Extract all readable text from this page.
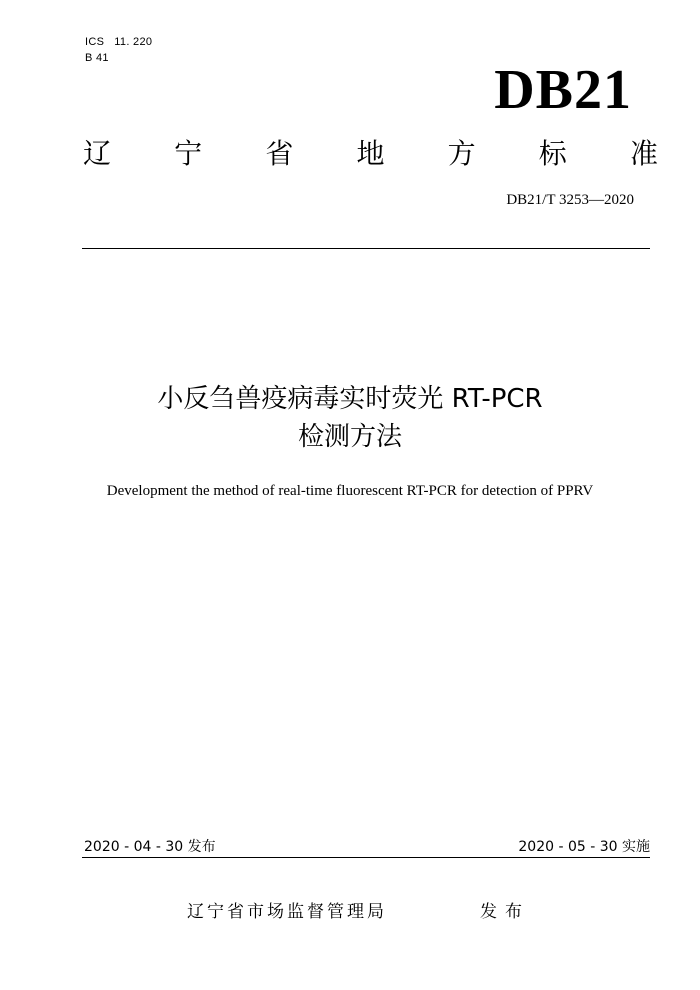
ICS   11. 220
B 41
DB21
辽 宁 省 地 方 标 准
DB21/T 3253—2020
小反刍兽疫病毒实时荧光 RT-PCR
检测方法
Development the method of real-time fluorescent RT-PCR for detection of PPRV
2020 - 04 - 30 发布	2020 - 05 - 30 实施
辽宁省市场监督管理局	发布
